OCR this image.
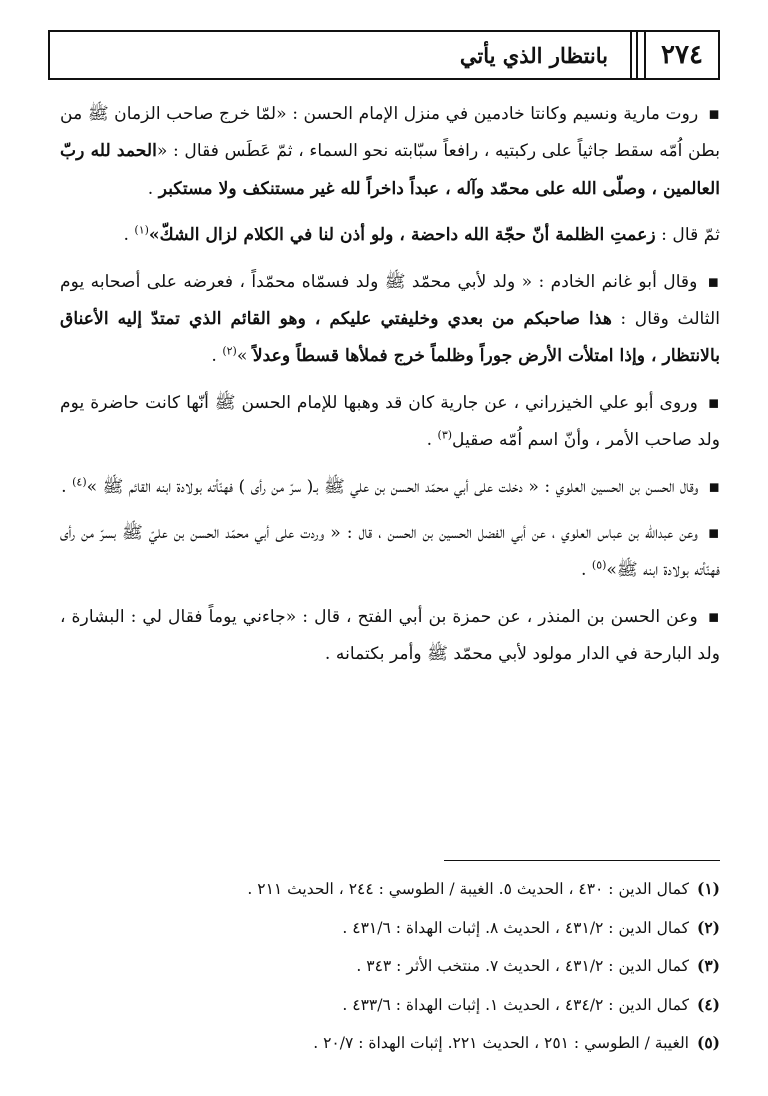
٢٧٤
بانتظار الذي يأتي

▪روت مارية ونسيم وكانتا خادمين في منزل الإمام الحسن : «لمّا خرج صاحب الزمان ﷺ من بطن اُمّه سقط جاثياً على ركبتيه ، رافعاً سبّابته نحو السماء ، ثمّ عَطَس فقال : «الحمد لله ربّ العالمين ، وصلّى الله على محمّد وآله ، عبداً داخراً لله غير مستنكف ولا مستكبر .

ثمّ قال : زعمتِ الظلمة أنّ حجّة الله داحضة ، ولو أذن لنا في الكلام لزال الشكّ»$^{(١)}$ .

▪وقال أبو غانم الخادم : « ولد لأبي محمّد ﷺ ولد فسمّاه محمّداً ، فعرضه على أصحابه يوم الثالث وقال : هذا صاحبكم من بعدي وخليفتي عليكم ، وهو القائم الذي تمتدّ إليه الأعناق بالانتظار ، وإذا امتلأت الأرض جوراً وظلماً خرج فملأها قسطاً وعدلاً »$^{(٢)}$ .

▪وروى أبو علي الخيزراني ، عن جارية كان قد وهبها للإمام الحسن ﷺ أنّها كانت حاضرة يوم ولد صاحب الأمر ، وأنّ اسم اُمّه صقيل$^{(٣)}$ .

▪وقال الحسن بن الحسين العلوي : « دخلت على أبي محمّد الحسن بن علي ﷺ بـ( سرّ من رأى ) فهنّأته بولادة ابنه القائم ﷺ »$^{(٤)}$ .

▪وعن عبدالله بن عباس العلوي ، عن أبي الفضل الحسين بن الحسن ، قال : « وردت على أبي محمّد الحسن بن عليّ ﷺ بسرّ من رأى فهنّأته بولادة ابنه ﷺ»$^{(٥)}$ .

▪وعن الحسن بن المنذر ، عن حمزة بن أبي الفتح ، قال : «جاءني يوماً فقال لي : البشارة ، ولد البارحة في الدار مولود لأبي محمّد ﷺ وأمر بكتمانه .

(١)كمال الدين : ٤٣٠ ، الحديث ٥. الغيبة / الطوسي : ٢٤٤ ، الحديث ٢١١ .
(٢)كمال الدين : ٤٣١/٢ ، الحديث ٨. إثبات الهداة : ٤٣١/٦ .
(٣)كمال الدين : ٤٣١/٢ ، الحديث ٧. منتخب الأثر : ٣٤٣ .
(٤)كمال الدين : ٤٣٤/٢ ، الحديث ١. إثبات الهداة : ٤٣٣/٦ .
(٥)الغيبة / الطوسي : ٢٥١ ، الحديث ٢٢١. إثبات الهداة : ٢٠/٧ .
